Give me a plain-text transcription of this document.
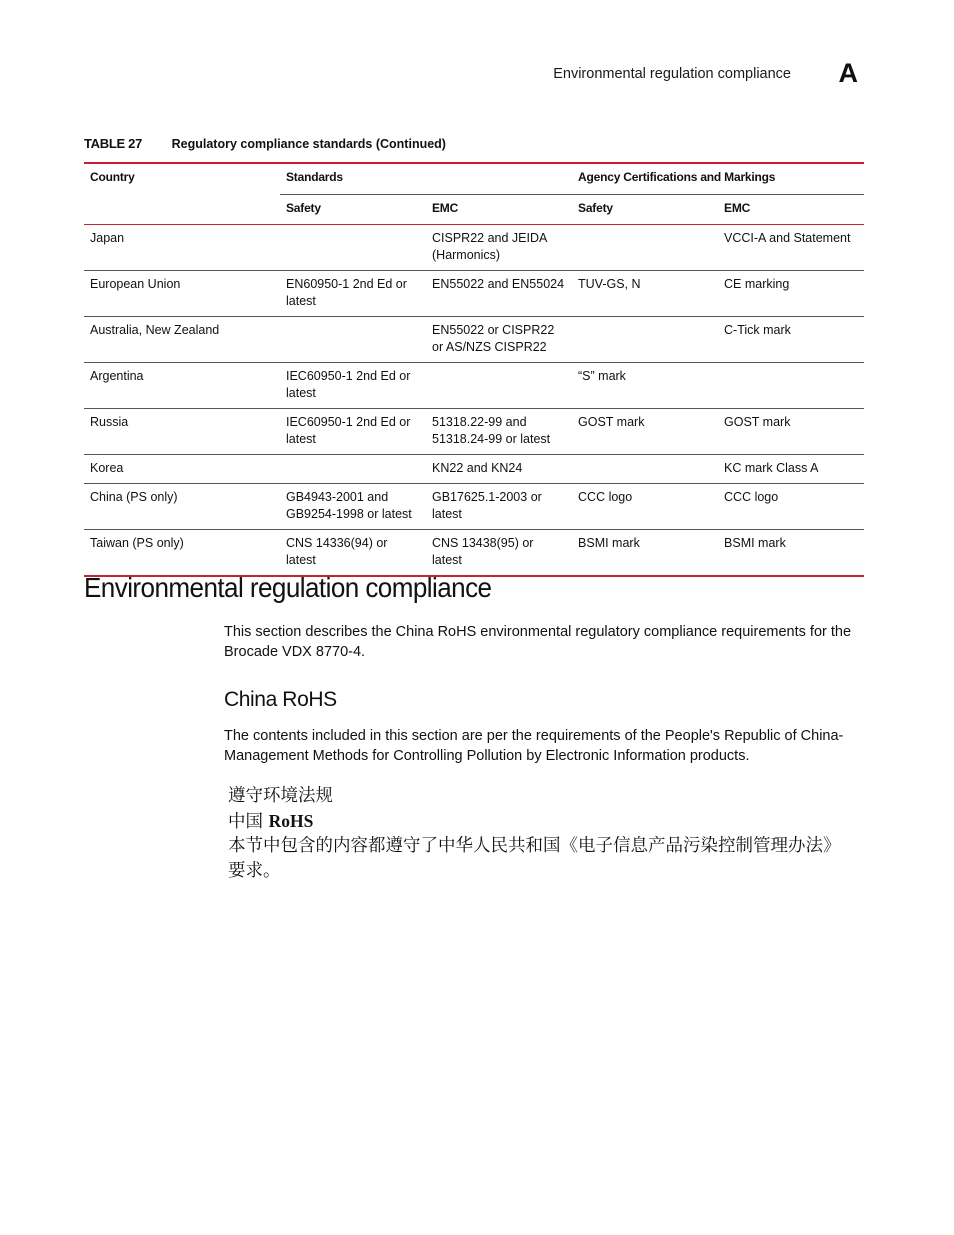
Environmental regulation compliance A
TABLE 27 Regulatory compliance standards (Continued)
Country	Standards		Agency Certifications and Markings	
	Safety	EMC	Safety	EMC
Japan		CISPR22 and JEIDA (Harmonics)		VCCI-A and Statement
European Union	EN60950-1 2nd Ed or latest	EN55022 and EN55024	TUV-GS, N	CE marking
Australia, New Zealand		EN55022 or CISPR22 or AS/NZS CISPR22		C-Tick mark
Argentina	IEC60950-1 2nd Ed or latest		“S” mark	
Russia	IEC60950-1 2nd Ed or latest	51318.22-99 and 51318.24-99 or latest	GOST mark	GOST mark
Korea		KN22 and KN24		KC mark Class A
China (PS only)	GB4943-2001 and GB9254-1998 or latest	GB17625.1-2003 or latest	CCC logo	CCC logo
Taiwan (PS only)	CNS 14336(94) or latest	CNS 13438(95) or latest	BSMI mark	BSMI mark
Environmental regulation compliance

This section describes the China RoHS environmental regulatory compliance requirements for the Brocade VDX 8770-4.

China RoHS

The contents included in this section are per the requirements of the People's Republic of China- Management Methods for Controlling Pollution by Electronic Information products.

遵守环境法规
中国 RoHS
本节中包含的内容都遵守了中华人民共和国《电子信息产品污染控制管理办法》
要求。
